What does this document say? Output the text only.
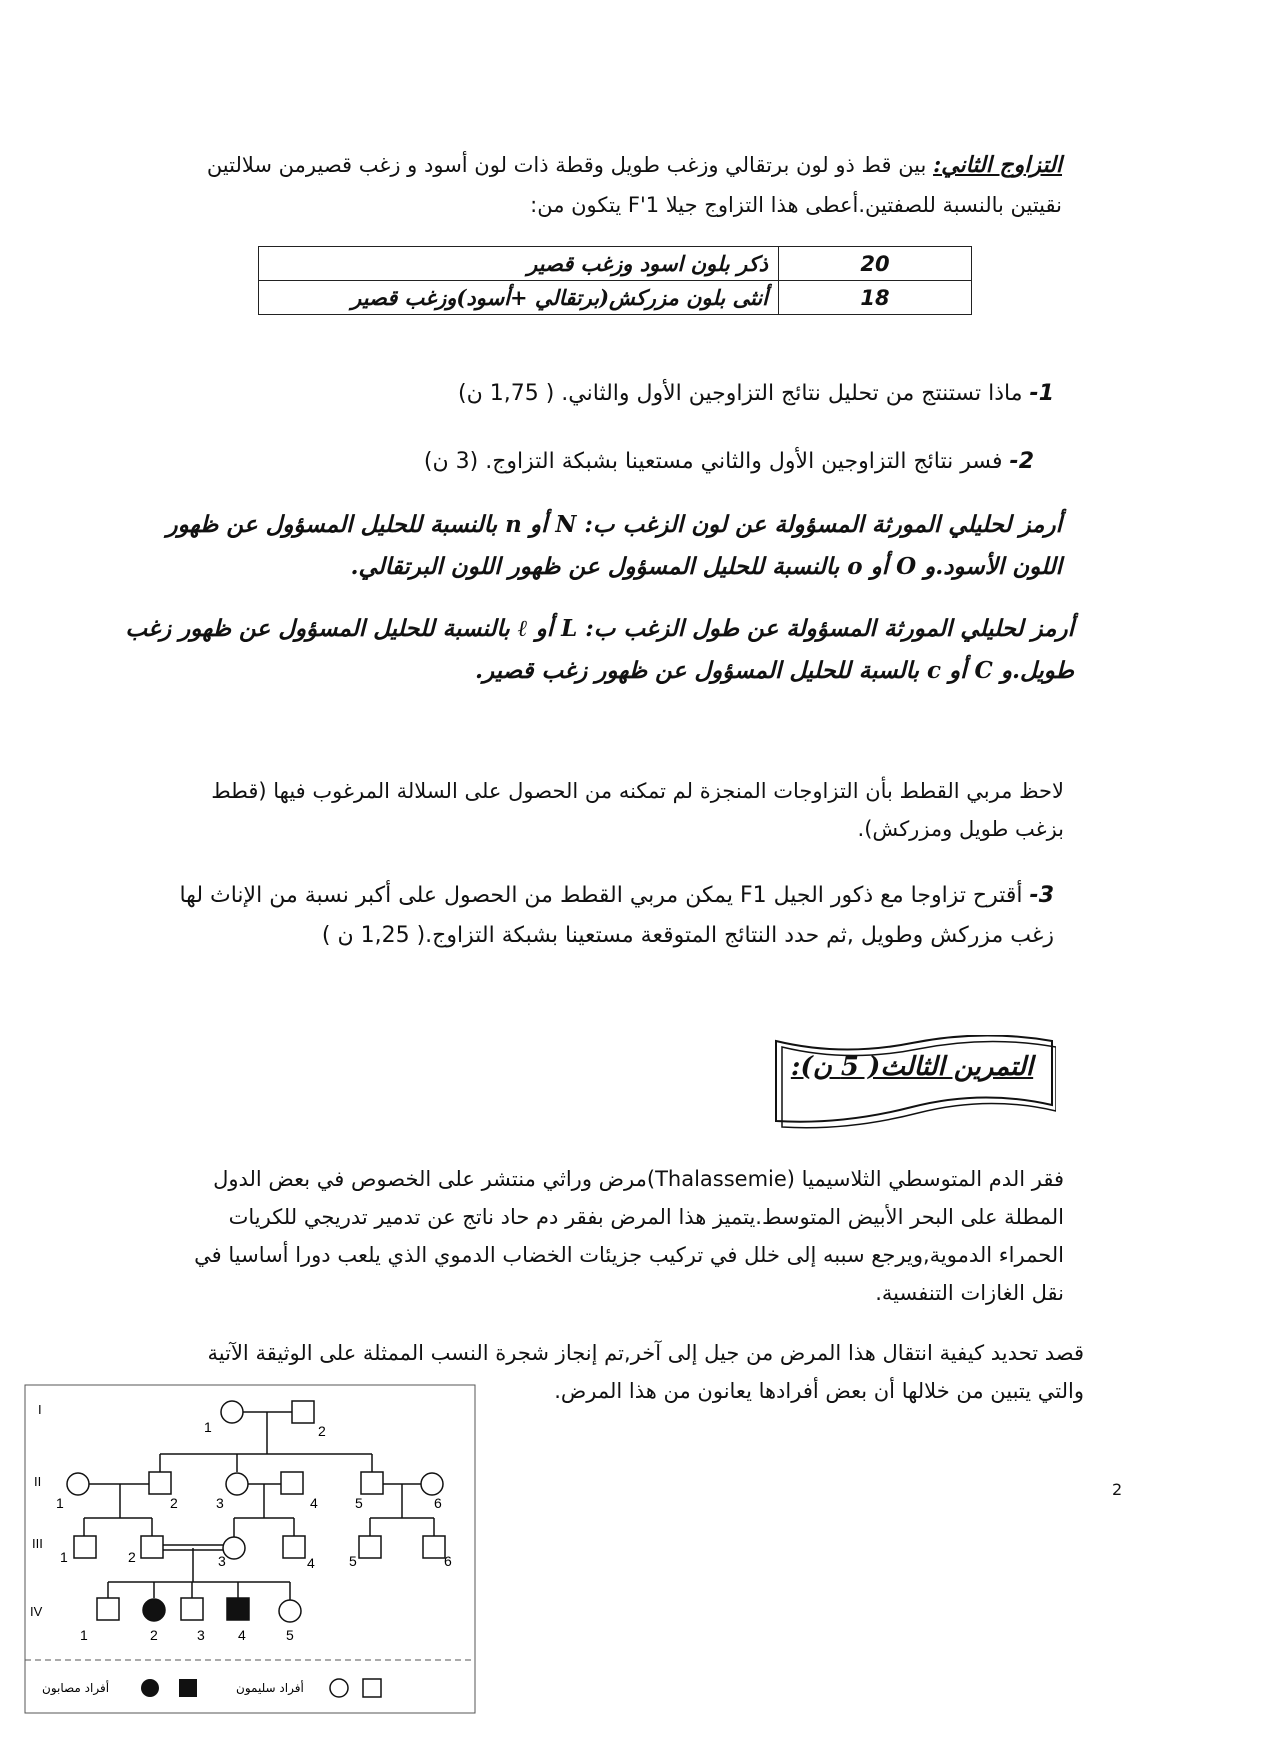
التزاوج الثاني: بين قط ذو لون برتقالي وزغب طويل وقطة ذات لون أسود و زغب قصيرمن سلالتين
نقيتين بالنسبة للصفتين.أعطى هذا التزاوج جيلا F'1 يتكون من:
20	ذكر بلون اسود وزغب قصير
18	أنثى بلون مزركش(برتقالي +أسود)وزغب قصير
1- ماذا تستنتج من تحليل نتائج التزاوجين الأول والثاني. ( 1,75 ن)
2- فسر نتائج التزاوجين الأول والثاني مستعينا بشبكة التزاوج. (3 ن)
أرمز لحليلي المورثة المسؤولة عن لون الزغب ب: N أو n بالنسبة للحليل المسؤول عن ظهور
اللون الأسود.و O أو o بالنسبة للحليل المسؤول عن ظهور اللون البرتقالي.
أرمز لحليلي المورثة المسؤولة عن طول الزغب ب: L أو ℓ بالنسبة للحليل المسؤول عن ظهور زغب
طويل.و C أو c بالسبة للحليل المسؤول عن ظهور زغب قصير.
لاحظ مربي القطط بأن التزاوجات المنجزة لم تمكنه من الحصول على السلالة المرغوب فيها (قطط
بزغب طويل ومزركش).
3- أقترح تزاوجا مع ذكور الجيل F1 يمكن مربي القطط من الحصول على أكبر نسبة من الإناث لها
زغب مزركش وطويل ,ثم حدد النتائج المتوقعة مستعينا بشبكة التزاوج.( 1,25 ن )
التمرين الثالث( 5 ن):
فقر الدم المتوسطي الثلاسيميا (Thalassemie)مرض وراثي منتشر على الخصوص في بعض الدول
المطلة على البحر الأبيض المتوسط.يتميز هذا المرض بفقر دم حاد ناتج عن تدمير تدريجي للكريات
الحمراء الدموية,ويرجع سببه إلى خلل في تركيب جزيئات الخضاب الدموي الذي يلعب دورا أساسيا في
نقل الغازات التنفسية.
قصد تحديد كيفية انتقال هذا المرض من جيل إلى آخر,تم إنجاز شجرة النسب الممثلة على الوثيقة الآتية
والتي يتبين من خلالها أن بعض أفرادها يعانون من هذا المرض.
I
II
III
IV
1	2
1	2	3	4	5	6
1	2	3	4 5	6
1	2	3 4	5
أفراد مصابون	أفراد سليمون
2
